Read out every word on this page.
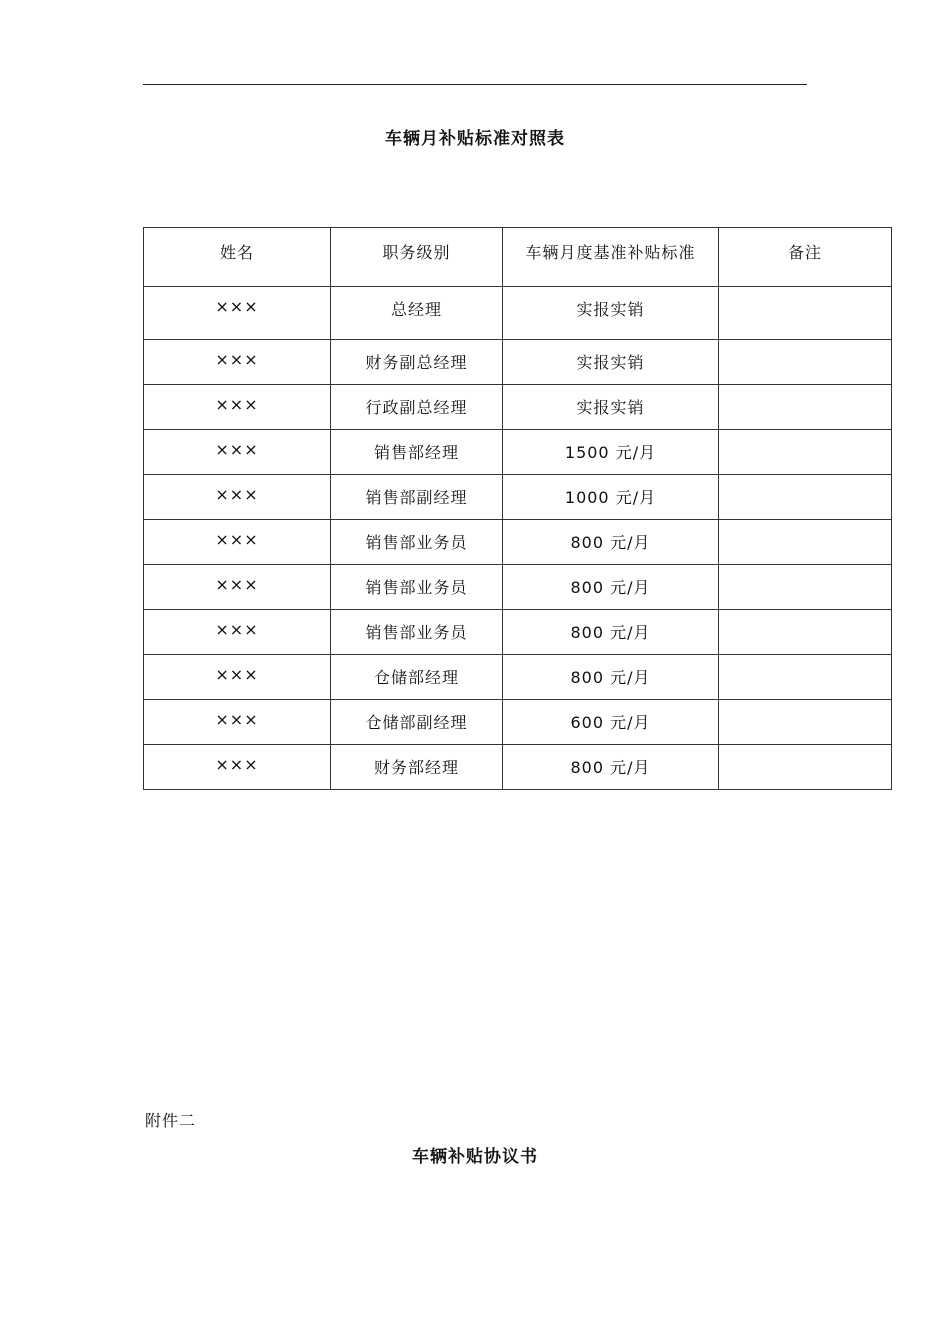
车辆月补贴标准对照表
姓名	职务级别	车辆月度基准补贴标准	备注
×××	总经理	实报实销	
×××	财务副总经理	实报实销	
×××	行政副总经理	实报实销	
×××	销售部经理	1500 元/月	
×××	销售部副经理	1000 元/月	
×××	销售部业务员	800 元/月	
×××	销售部业务员	800 元/月	
×××	销售部业务员	800 元/月	
×××	仓储部经理	800 元/月	
×××	仓储部副经理	600 元/月	
×××	财务部经理	800 元/月	
附件二
车辆补贴协议书
